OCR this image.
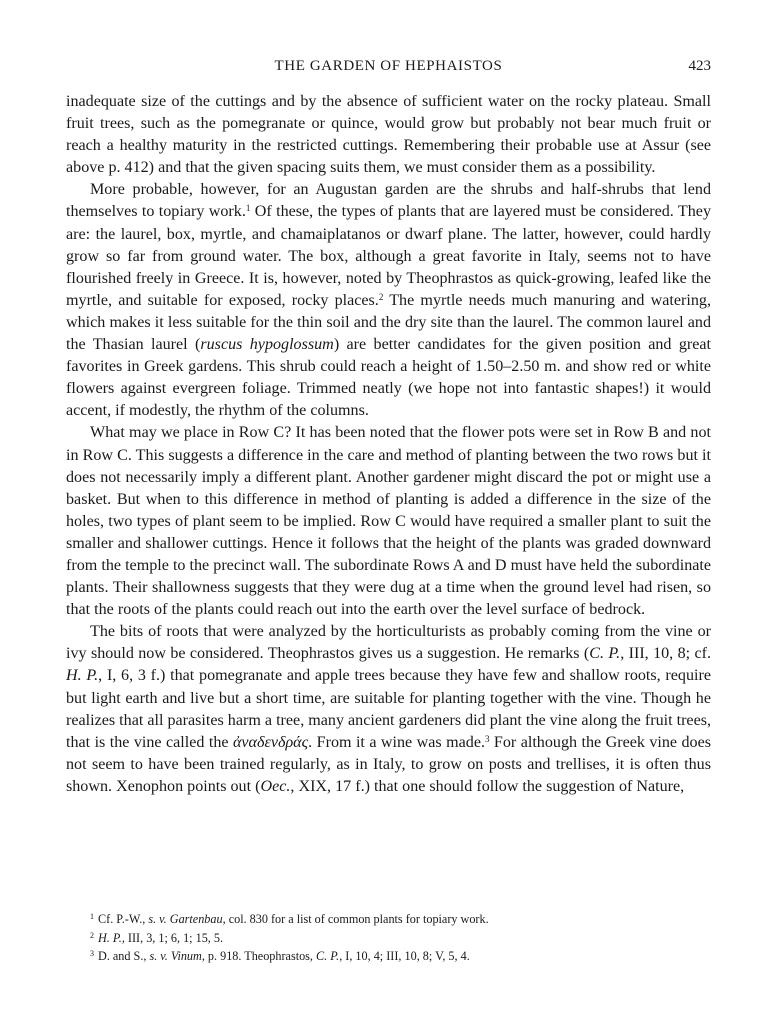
THE GARDEN OF HEPHAISTOS	423

inadequate size of the cuttings and by the absence of sufficient water on the rocky plateau. Small fruit trees, such as the pomegranate or quince, would grow but probably not bear much fruit or reach a healthy maturity in the restricted cuttings. Remembering their probable use at Assur (see above p. 412) and that the given spacing suits them, we must consider them as a possibility.

More probable, however, for an Augustan garden are the shrubs and half-shrubs that lend themselves to topiary work.$^1$ Of these, the types of plants that are layered must be considered. They are: the laurel, box, myrtle, and chamaiplatanos or dwarf plane. The latter, however, could hardly grow so far from ground water. The box, although a great favorite in Italy, seems not to have flourished freely in Greece. It is, however, noted by Theophrastos as quick-growing, leafed like the myrtle, and suitable for exposed, rocky places.$^2$ The myrtle needs much manuring and watering, which makes it less suitable for the thin soil and the dry site than the laurel. The common laurel and the Thasian laurel (ruscus hypoglossum) are better candidates for the given position and great favorites in Greek gardens. This shrub could reach a height of 1.50–2.50 m. and show red or white flowers against evergreen foliage. Trimmed neatly (we hope not into fantastic shapes!) it would accent, if modestly, the rhythm of the columns.

What may we place in Row C? It has been noted that the flower pots were set in Row B and not in Row C. This suggests a difference in the care and method of planting between the two rows but it does not necessarily imply a different plant. Another gardener might discard the pot or might use a basket. But when to this difference in method of planting is added a difference in the size of the holes, two types of plant seem to be implied. Row C would have required a smaller plant to suit the smaller and shallower cuttings. Hence it follows that the height of the plants was graded downward from the temple to the precinct wall. The subordinate Rows A and D must have held the subordinate plants. Their shallowness suggests that they were dug at a time when the ground level had risen, so that the roots of the plants could reach out into the earth over the level surface of bedrock.

The bits of roots that were analyzed by the horticulturists as probably coming from the vine or ivy should now be considered. Theophrastos gives us a suggestion. He remarks (C. P., III, 10, 8; cf. H. P., I, 6, 3 f.) that pomegranate and apple trees because they have few and shallow roots, require but light earth and live but a short time, are suitable for planting together with the vine. Though he realizes that all parasites harm a tree, many ancient gardeners did plant the vine along the fruit trees, that is the vine called the ἀναδενδράς. From it a wine was made.$^3$ For although the Greek vine does not seem to have been trained regularly, as in Italy, to grow on posts and trellises, it is often thus shown. Xenophon points out (Oec., XIX, 17 f.) that one should follow the suggestion of Nature,

$^1$ Cf. P.-W., s. v. Gartenbau, col. 830 for a list of common plants for topiary work.

$^2$ H. P., III, 3, 1; 6, 1; 15, 5.

$^3$ D. and S., s. v. Vinum, p. 918. Theophrastos, C. P., I, 10, 4; III, 10, 8; V, 5, 4.
